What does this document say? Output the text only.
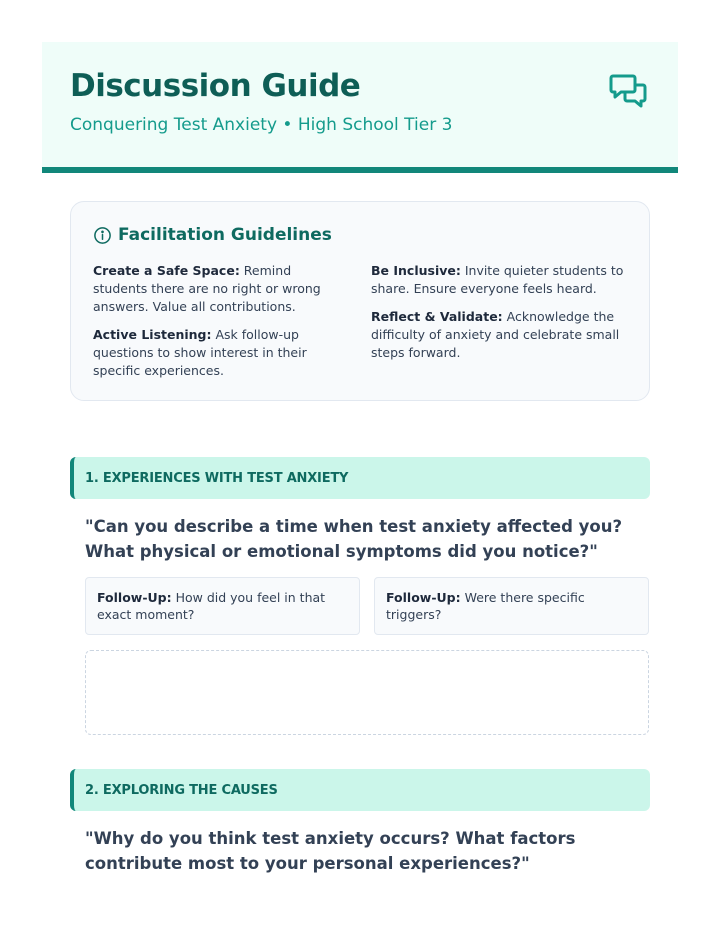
Discussion Guide
Conquering Test Anxiety • High School Tier 3
Facilitation Guidelines

Create a Safe Space: Remind students there are no right or wrong answers. Value all contributions.

Active Listening: Ask follow-up questions to show interest in their specific experiences.

Be Inclusive: Invite quieter students to share. Ensure everyone feels heard.

Reflect & Validate: Acknowledge the difficulty of anxiety and celebrate small steps forward.

1. EXPERIENCES WITH TEST ANXIETY
"Can you describe a time when test anxiety affected you? What physical or emotional symptoms did you notice?"
Follow-Up: How did you feel in that exact moment?
Follow-Up: Were there specific triggers?
2. EXPLORING THE CAUSES
"Why do you think test anxiety occurs? What factors contribute most to your personal experiences?"
